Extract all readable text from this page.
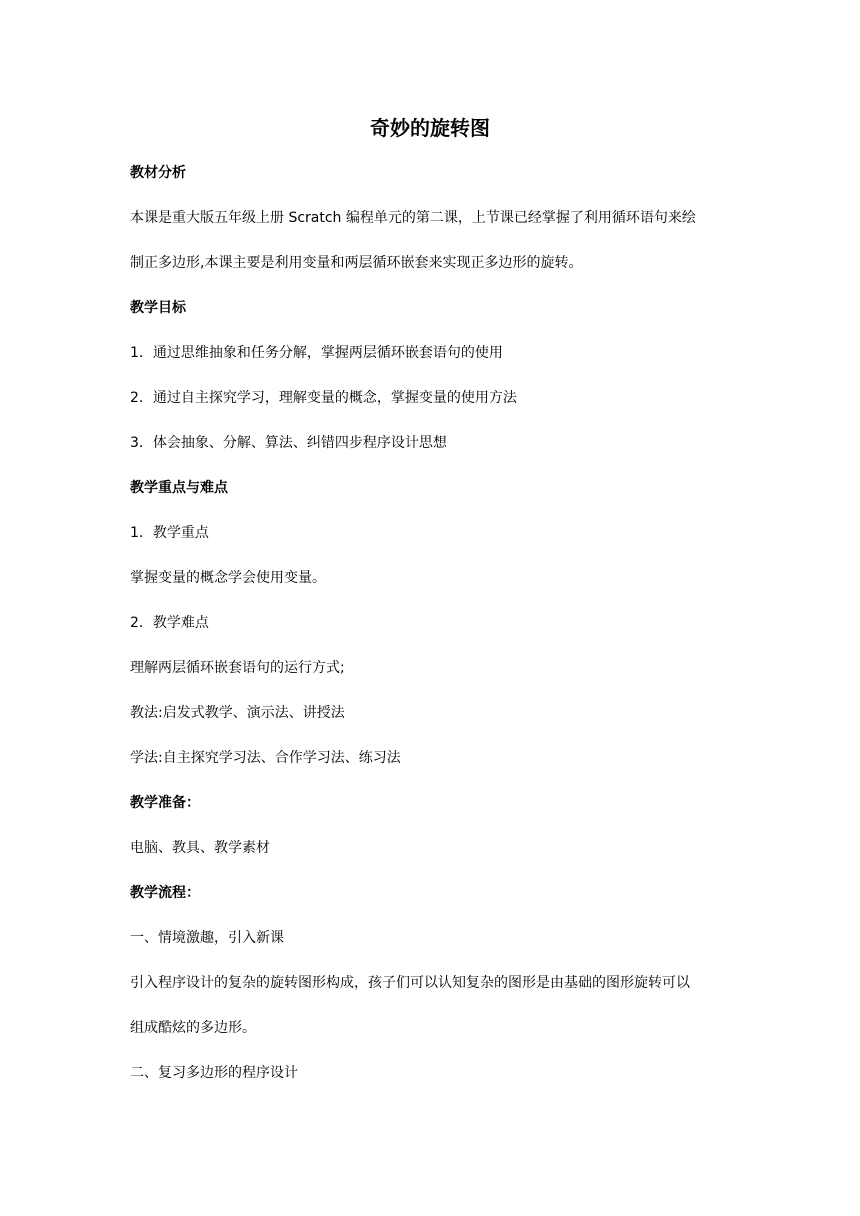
奇妙的旋转图
教材分析
本课是重大版五年级上册 Scratch 编程单元的第二课，上节课已经掌握了利用循环语句来绘
制正多边形,本课主要是利用变量和两层循环嵌套来实现正多边形的旋转。
教学目标
1．通过思维抽象和任务分解，掌握两层循环嵌套语句的使用
2．通过自主探究学习，理解变量的概念，掌握变量的使用方法
3．体会抽象、分解、算法、纠错四步程序设计思想
教学重点与难点
1．教学重点
掌握变量的概念学会使用变量。
2．教学难点
理解两层循环嵌套语句的运行方式;
教法:启发式教学、演示法、讲授法
学法:自主探究学习法、合作学习法、练习法
教学准备：
电脑、教具、教学素材
教学流程：
一、情境激趣，引入新课
引入程序设计的复杂的旋转图形构成，孩子们可以认知复杂的图形是由基础的图形旋转可以
组成酷炫的多边形。
二、复习多边形的程序设计
